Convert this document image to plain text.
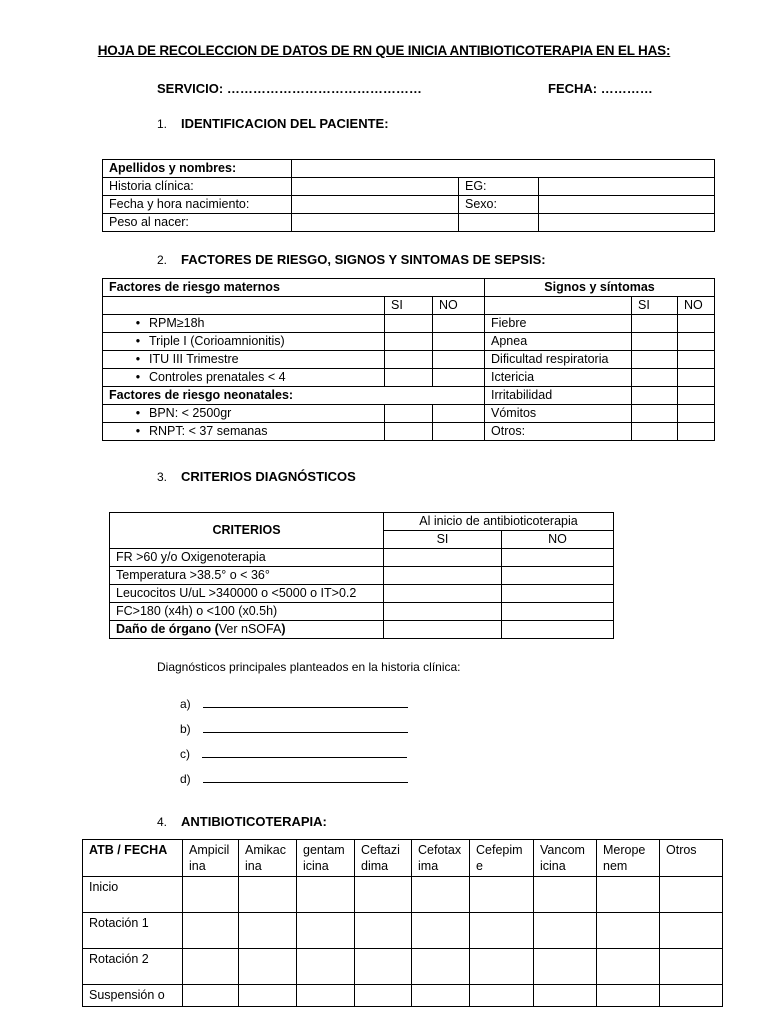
HOJA DE RECOLECCION DE DATOS DE RN QUE INICIA ANTIBIOTICOTERAPIA EN EL HAS:
SERVICIO: ………………………………………	FECHA: …………
1. IDENTIFICACION DEL PACIENTE:
Apellidos y nombres:			
Historia clínica:		EG:	
Fecha y hora nacimiento:		Sexo:	
Peso al nacer:			
2. FACTORES DE RIESGO, SIGNOS Y SINTOMAS DE SEPSIS:
Factores de riesgo maternos			Signos y síntomas		
	SI	NO		SI	NO
• RPM≥18h			Fiebre		
• Triple I (Corioamnionitis)			Apnea		
• ITU III Trimestre			Dificultad respiratoria		
• Controles prenatales < 4			Ictericia		
Factores de riesgo neonatales:			Irritabilidad		
• BPN: < 2500gr			Vómitos		
• RNPT: < 37 semanas			Otros:		
3. CRITERIOS DIAGNÓSTICOS
CRITERIOS	Al inicio de antibioticoterapia	
	SI	NO
FR >60 y/o Oxigenoterapia		
Temperatura >38.5° o < 36°		
Leucocitos U/uL >340000 o <5000 o IT>0.2		
FC>180 (x4h) o <100 (x0.5h)		
Daño de órgano (Ver nSOFA)		
Diagnósticos principales planteados en la historia clínica:
a)
b)
c)
d)
4. ANTIBIOTICOTERAPIA:
ATB / FECHA	Ampicil ina	Amikac ina	gentam icina	Ceftazi dima	Cefotax ima	Cefepim e	Vancom icina	Merope nem	Otros
Inicio									
Rotación 1									
Rotación 2									
Suspensión o									
